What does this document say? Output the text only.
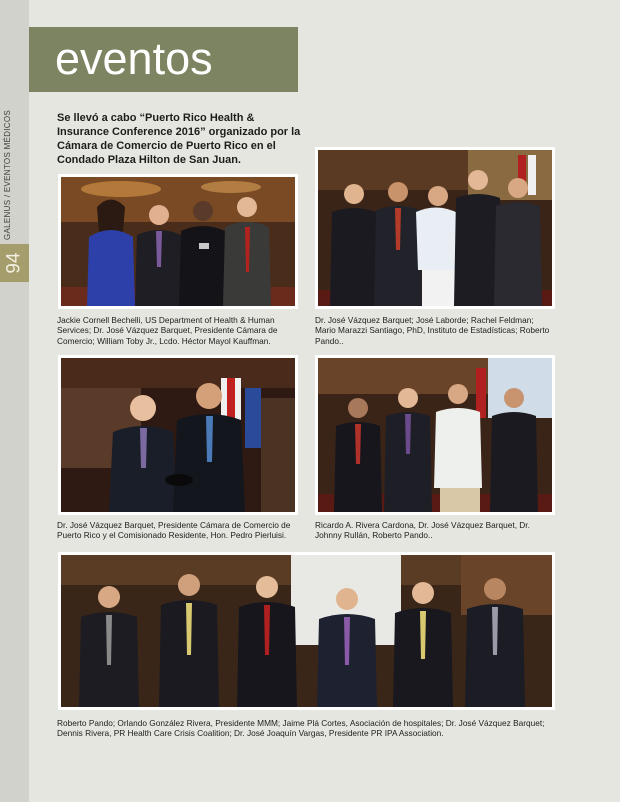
GALENUS / EVENTOS MÉDICOS
94
eventos
Se llevó a cabo “Puerto Rico Health & Insurance Conference 2016” organizado por la Cámara de Comercio de Puerto Rico en el Condado Plaza Hilton de San Juan.
Jackie Cornell Bechelli, US Department of Health & Human Services; Dr. José Vázquez Barquet, Presidente Cámara de Comercio; William Toby Jr., Lcdo. Héctor Mayol Kauffman.
Dr. José Vázquez Barquet; José Laborde; Rachel Feldman; Mario Marazzi Santiago, PhD, Instituto de Estadísticas; Roberto Pando..
Dr. José Vázquez Barquet, Presidente Cámara de Comercio de Puerto Rico y el Comisionado Residente, Hon. Pedro Pierluisi.
Ricardo A. Rivera Cardona, Dr. José Vázquez Barquet, Dr. Johnny Rullán, Roberto Pando..
Roberto Pando; Orlando González Rivera, Presidente MMM; Jaime Plá Cortes, Asociación de hospitales; Dr. José Vázquez Barquet; Dennis Rivera, PR Health Care Crisis Coalition; Dr. José Joaquín Vargas, Presidente PR IPA Association.
